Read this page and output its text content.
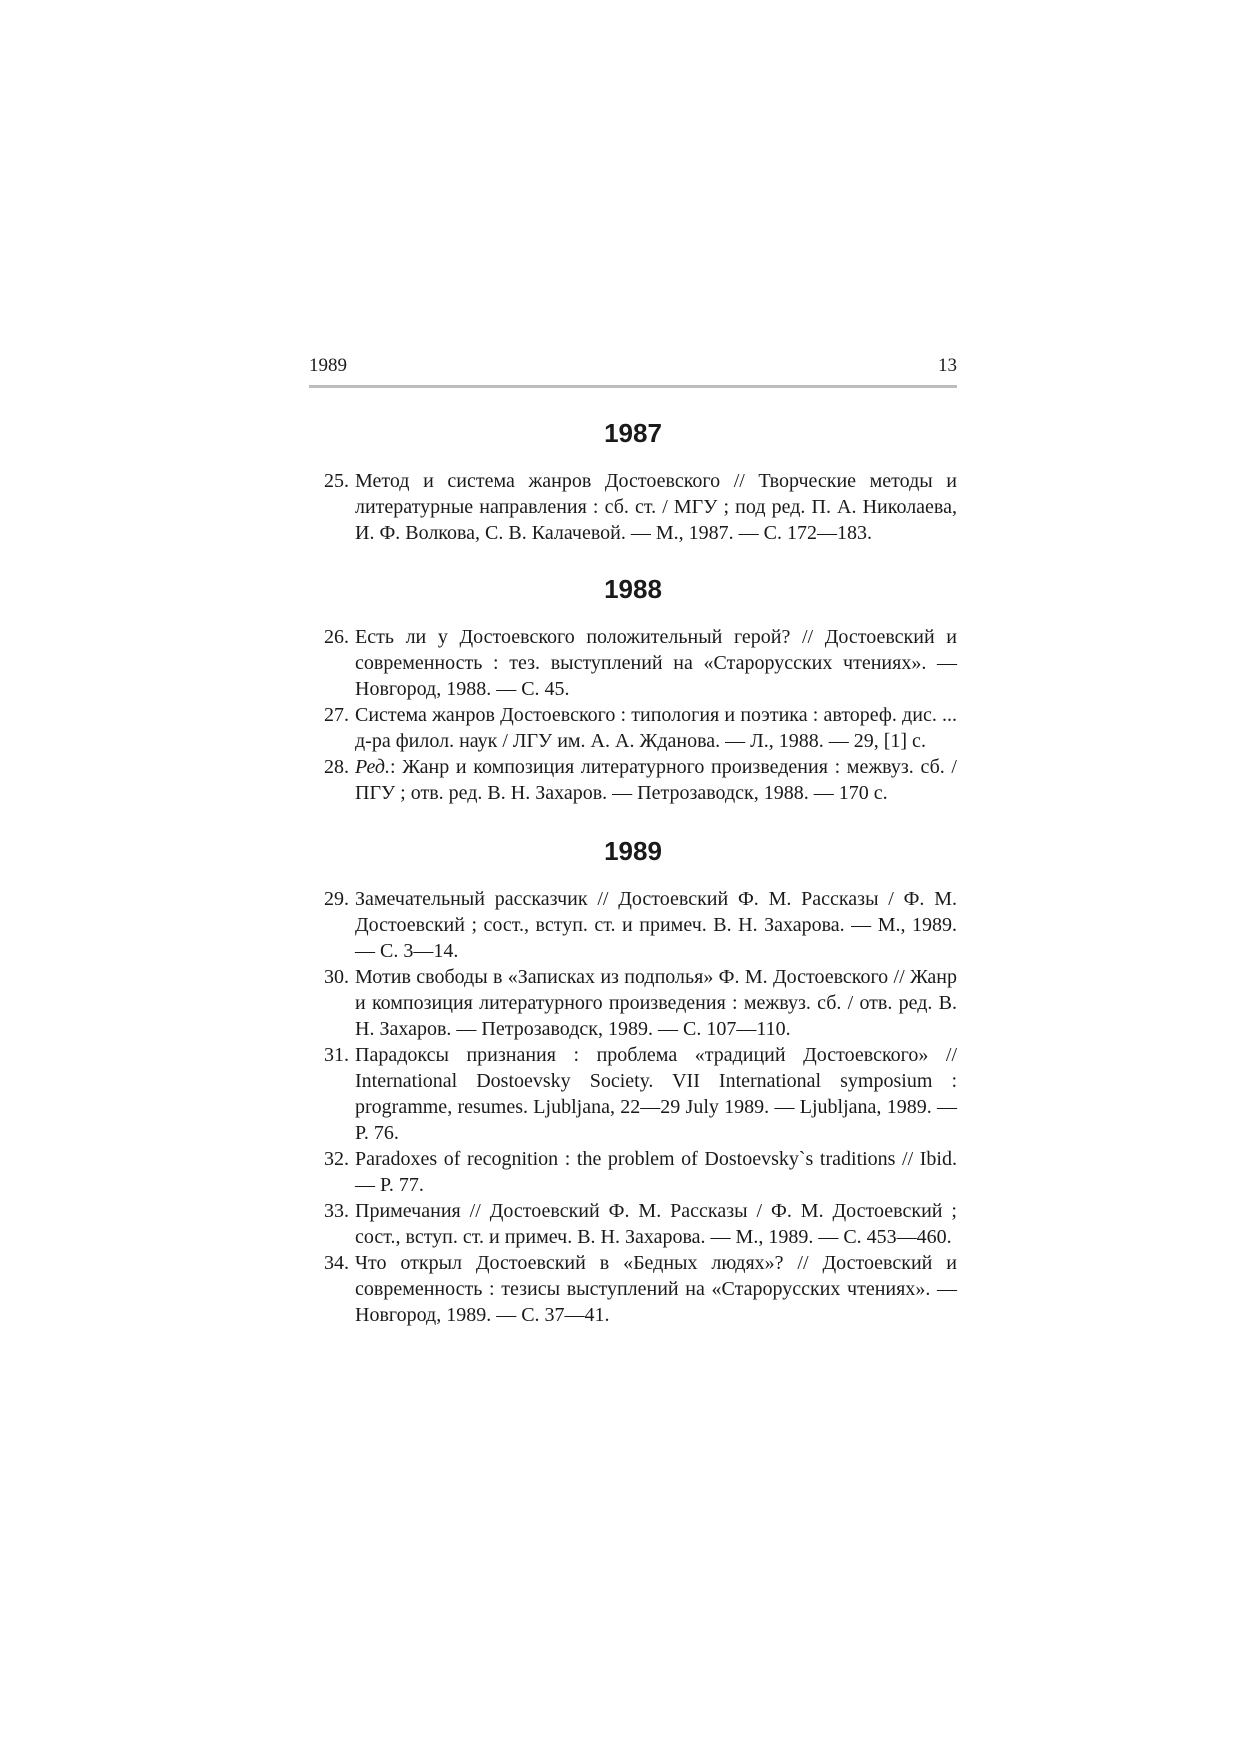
1989	13
1987
25. Метод и система жанров Достоевского // Творческие методы и литературные направления : сб. ст. / МГУ ; под ред. П. А. Николаева, И. Ф. Волкова, С. В. Калачевой. — М., 1987. — С. 172—183.
1988
26. Есть ли у Достоевского положительный герой? // Достоевский и современность : тез. выступлений на «Старорусских чтениях». — Новгород, 1988. — С. 45.
27. Система жанров Достоевского : типология и поэтика : автореф. дис. ... д-ра филол. наук / ЛГУ им. А. А. Жданова. — Л., 1988. — 29, [1] с.
28. Ред.: Жанр и композиция литературного произведения : межвуз. сб. / ПГУ ; отв. ред. В. Н. Захаров. — Петрозаводск, 1988. — 170 с.
1989
29. Замечательный рассказчик // Достоевский Ф. М. Рассказы / Ф. М. Достоевский ; сост., вступ. ст. и примеч. В. Н. Захарова. — М., 1989. — С. 3—14.
30. Мотив свободы в «Записках из подполья» Ф. М. Достоевского // Жанр и композиция литературного произведения : межвуз. сб. / отв. ред. В. Н. Захаров. — Петрозаводск, 1989. — С. 107—110.
31. Парадоксы признания : проблема «традиций Достоевского» // International Dostoevsky Society. VII International symposium : programme, resumes. Ljubljana, 22—29 July 1989. — Ljubljana, 1989. — P. 76.
32. Paradoxes of recognition : the problem of Dostoevsky`s traditions // Ibid. — P. 77.
33. Примечания // Достоевский Ф. М. Рассказы / Ф. М. Достоевский ; сост., вступ. ст. и примеч. В. Н. Захарова. — М., 1989. — С. 453—460.
34. Что открыл Достоевский в «Бедных людях»? // Достоевский и современность : тезисы выступлений на «Старорусских чтениях». — Новгород, 1989. — С. 37—41.
